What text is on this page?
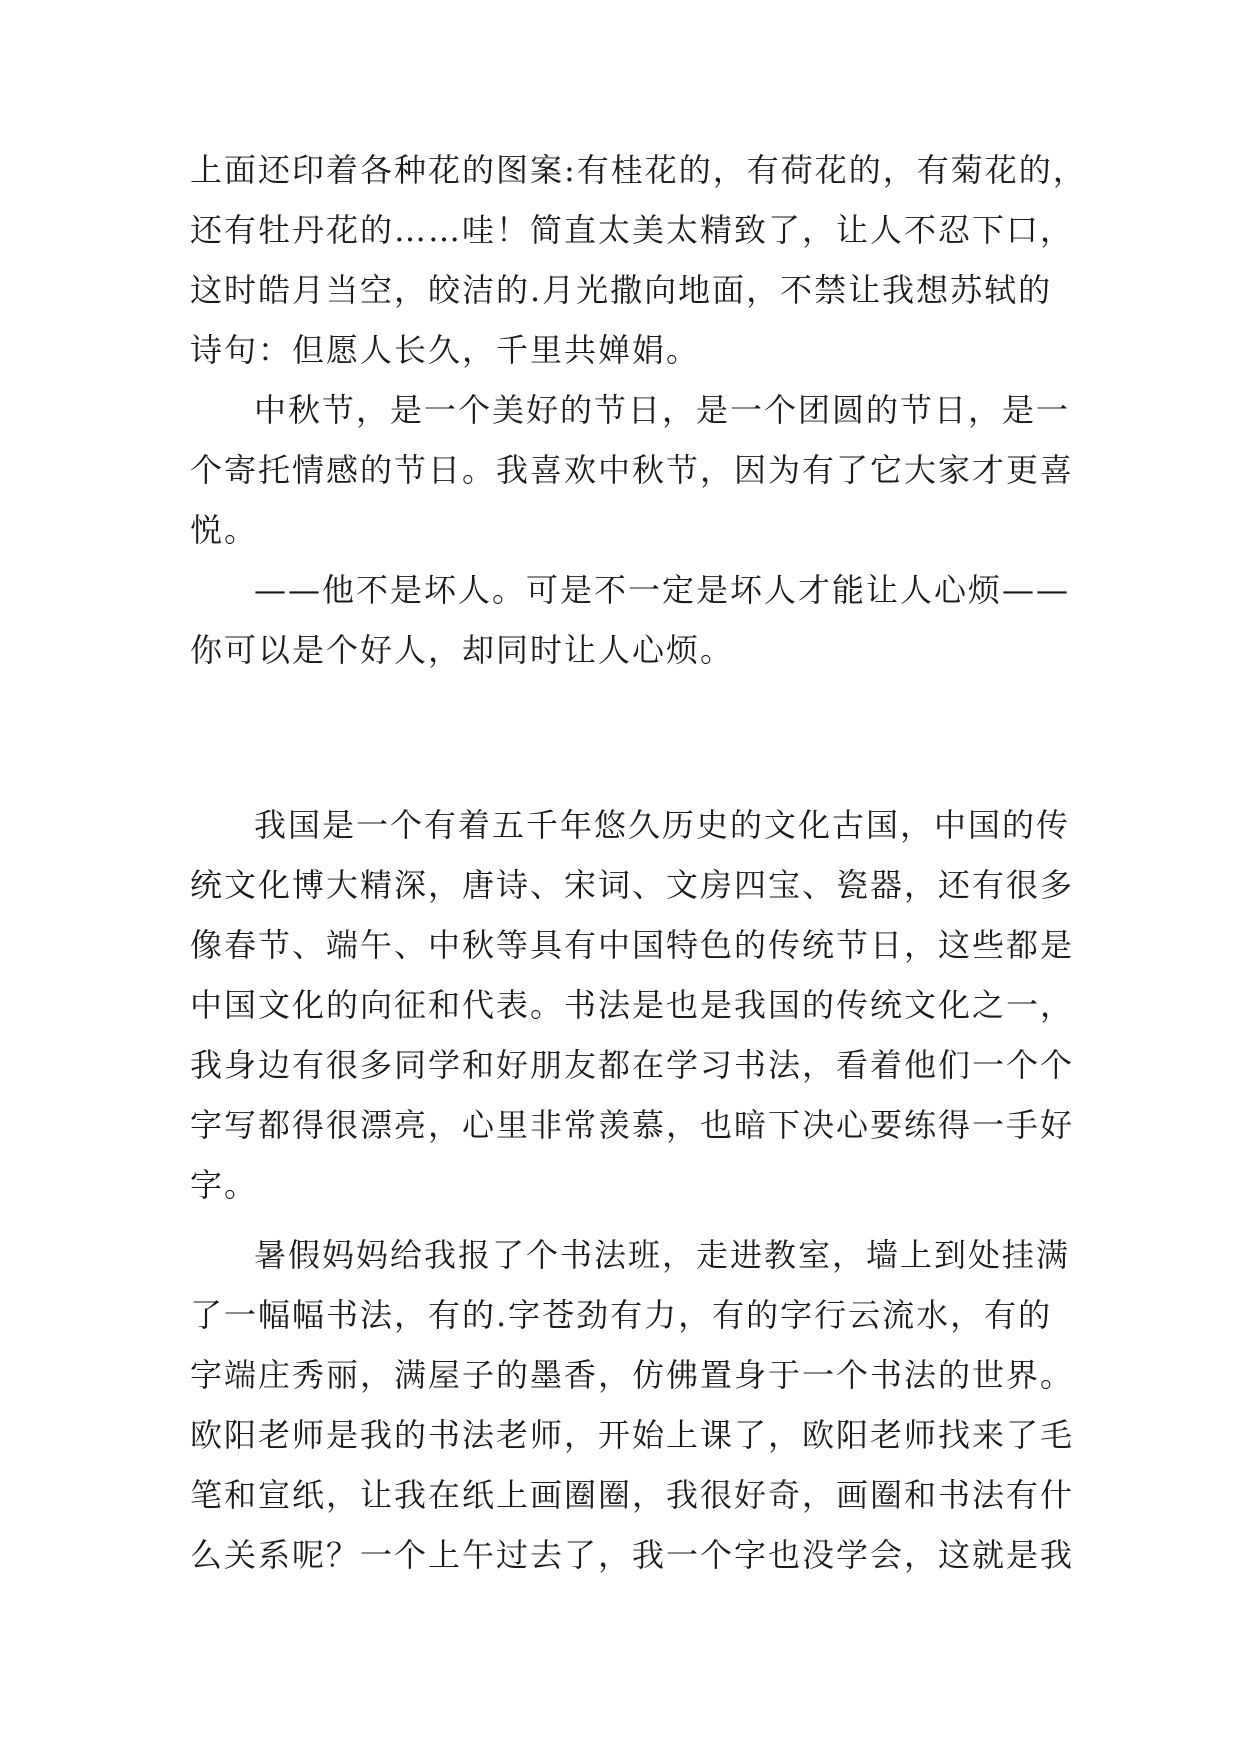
上面还印着各种花的图案:有桂花的，有荷花的，有菊花的，
还有牡丹花的……哇！简直太美太精致了，让人不忍下口，
这时皓月当空，皎洁的.月光撒向地面，不禁让我想苏轼的
诗句：但愿人长久，千里共婵娟。
中秋节，是一个美好的节日，是一个团圆的节日，是一
个寄托情感的节日。我喜欢中秋节，因为有了它大家才更喜
悦。
——他不是坏人。可是不一定是坏人才能让人心烦——
你可以是个好人，却同时让人心烦。
我国是一个有着五千年悠久历史的文化古国，中国的传
统文化博大精深，唐诗、宋词、文房四宝、瓷器，还有很多
像春节、端午、中秋等具有中国特色的传统节日，这些都是
中国文化的向征和代表。书法是也是我国的传统文化之一，
我身边有很多同学和好朋友都在学习书法，看着他们一个个
字写都得很漂亮，心里非常羡慕，也暗下决心要练得一手好
字。
暑假妈妈给我报了个书法班，走进教室，墙上到处挂满
了一幅幅书法，有的.字苍劲有力，有的字行云流水，有的
字端庄秀丽，满屋子的墨香，仿佛置身于一个书法的世界。
欧阳老师是我的书法老师，开始上课了，欧阳老师找来了毛
笔和宣纸，让我在纸上画圈圈，我很好奇，画圈和书法有什
么关系呢？一个上午过去了，我一个字也没学会，这就是我
